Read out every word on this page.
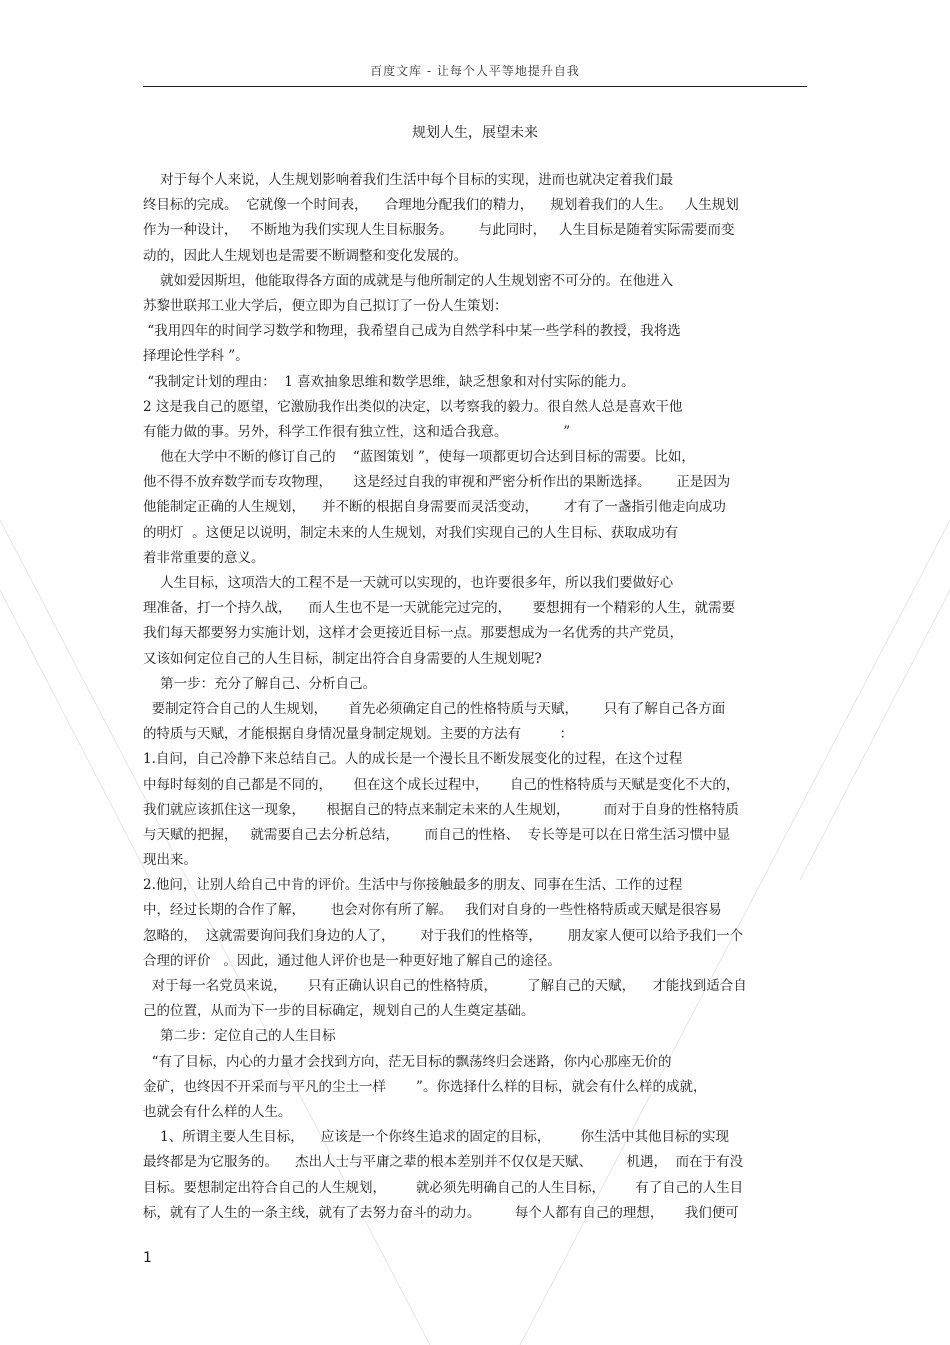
百度文库 - 让每个人平等地提升自我
规划人生，展望未来
对于每个人来说，人生规划影响着我们生活中每个目标的实现，进而也就决定着我们最
终目标的完成。  它就像一个时间表，    合理地分配我们的精力，    规划着我们的人生。   人生规划
作为一种设计，   不断地为我们实现人生目标服务。      与此同时，   人生目标是随着实际需要而变
动的，因此人生规划也是需要不断调整和变化发展的。
就如爱因斯坦，他能取得各方面的成就是与他所制定的人生规划密不可分的。在他进入
苏黎世联邦工业大学后，便立即为自己拟订了一份人生策划：
“我用四年的时间学习数学和物理，我希望自己成为自然学科中某一些学科的教授，我将选
择理论性学科 ”。
“我制定计划的理由：  1 喜欢抽象思维和数学思维，缺乏想象和对付实际的能力。
2 这是我自己的愿望，它激励我作出类似的决定，以考察我的毅力。很自然人总是喜欢干他
有能力做的事。另外，科学工作很有独立性，这和适合我意。             ”
他在大学中不断的修订自己的    “蓝图策划 ”，使每一项都更切合达到目标的需要。比如，
他不得不放弃数学而专攻物理，     这是经过自我的审视和严密分析作出的果断选择。      正是因为
他能制定正确的人生规划，    并不断的根据自身需要而灵活变动，      才有了一盏指引他走向成功
的明灯  。这便足以说明，制定未来的人生规划，对我们实现自己的人生目标、获取成功有
着非常重要的意义。
人生目标，这项浩大的工程不是一天就可以实现的，也许要很多年，所以我们要做好心
理准备，打一个持久战，    而人生也不是一天就能完过完的，     要想拥有一个精彩的人生，就需要
我们每天都要努力实施计划，这样才会更接近目标一点。那要想成为一名优秀的共产党员，
又该如何定位自己的人生目标，制定出符合自身需要的人生规划呢?
第一步：充分了解自己、分析自己。
要制定符合自己的人生规划，     首先必须确定自己的性格特质与天赋，      只有了解自己各方面
的特质与天赋，才能根据自身情况量身制定规划。主要的方法有         ：
1.自问，自己冷静下来总结自己。人的成长是一个漫长且不断发展变化的过程，在这个过程
中每时每刻的自己都是不同的，     但在这个成长过程中，     自己的性格特质与天赋是变化不大的，
我们就应该抓住这一现象，     根据自己的特点来制定未来的人生规划，        而对于自身的性格特质
与天赋的把握，   就需要自己去分析总结，      而自己的性格、  专长等是可以在日常生活习惯中显
现出来。
2.他问，让别人给自己中肯的评价。生活中与你接触最多的朋友、同事在生活、工作的过程
中，经过长期的合作了解，      也会对你有所了解。   我们对自身的一些性格特质或天赋是很容易
忽略的，  这就需要询问我们身边的人了，      对于我们的性格等，      朋友家人便可以给予我们一个
合理的评价   。因此，通过他人评价也是一种更好地了解自己的途径。
对于每一名党员来说，     只有正确认识自己的性格特质，       了解自己的天赋，    才能找到适合自
己的位置，从而为下一步的目标确定，规划自己的人生奠定基础。
第二步：定位自己的人生目标
“有了目标，内心的力量才会找到方向，茫无目标的飘荡终归会迷路，你内心那座无价的
金矿，也终因不开采而与平凡的尘土一样       ”。你选择什么样的目标，就会有什么样的成就，
也就会有什么样的人生。
1、所谓主要人生目标，    应该是一个你终生追求的固定的目标，       你生活中其他目标的实现
最终都是为它服务的。    杰出人士与平庸之辈的根本差别并不仅仅是天赋、        机遇，  而在于有没
目标。要想制定出符合自己的人生规划，       就必须先明确自己的人生目标，       有了自己的人生目
标，就有了人生的一条主线，就有了去努力奋斗的动力。        每个人都有自己的理想，     我们便可
1
